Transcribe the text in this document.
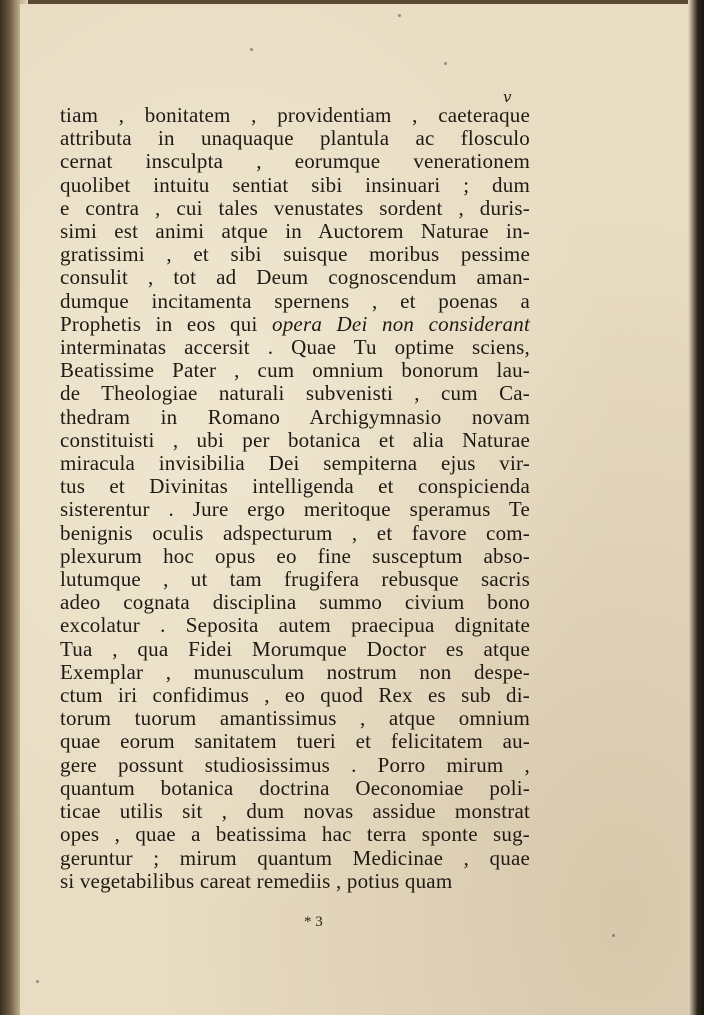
v
tiam , bonitatem , providentiam , caeteraque
attributa in unaquaque plantula ac flosculo
cernat insculpta , eorumque venerationem
quolibet intuitu sentiat sibi insinuari ; dum
e contra , cui tales venustates sordent , duris-
simi est animi atque in Auctorem Naturae in-
gratissimi , et sibi suisque moribus pessime
consulit , tot ad Deum cognoscendum aman-
dumque incitamenta spernens , et poenas a
Prophetis in eos qui opera Dei non considerant
interminatas accersit . Quae Tu optime sciens,
Beatissime Pater , cum omnium bonorum lau-
de Theologiae naturali subvenisti , cum Ca-
thedram in Romano Archigymnasio novam
constituisti , ubi per botanica et alia Naturae
miracula invisibilia Dei sempiterna ejus vir-
tus et Divinitas intelligenda et conspicienda
sisterentur . Jure ergo meritoque speramus Te
benignis oculis adspecturum , et favore com-
plexurum hoc opus eo fine susceptum abso-
lutumque , ut tam frugifera rebusque sacris
adeo cognata disciplina summo civium bono
excolatur . Seposita autem praecipua dignitate
Tua , qua Fidei Morumque Doctor es atque
Exemplar , munusculum nostrum non despe-
ctum iri confidimus , eo quod Rex es sub di-
torum tuorum amantissimus , atque omnium
quae eorum sanitatem tueri et felicitatem au-
gere possunt studiosissimus . Porro mirum ,
quantum botanica doctrina Oeconomiae poli-
ticae utilis sit , dum novas assidue monstrat
opes , quae a beatissima hac terra sponte sug-
geruntur ; mirum quantum Medicinae , quae
si vegetabilibus careat remediis , potius quam
* 3
